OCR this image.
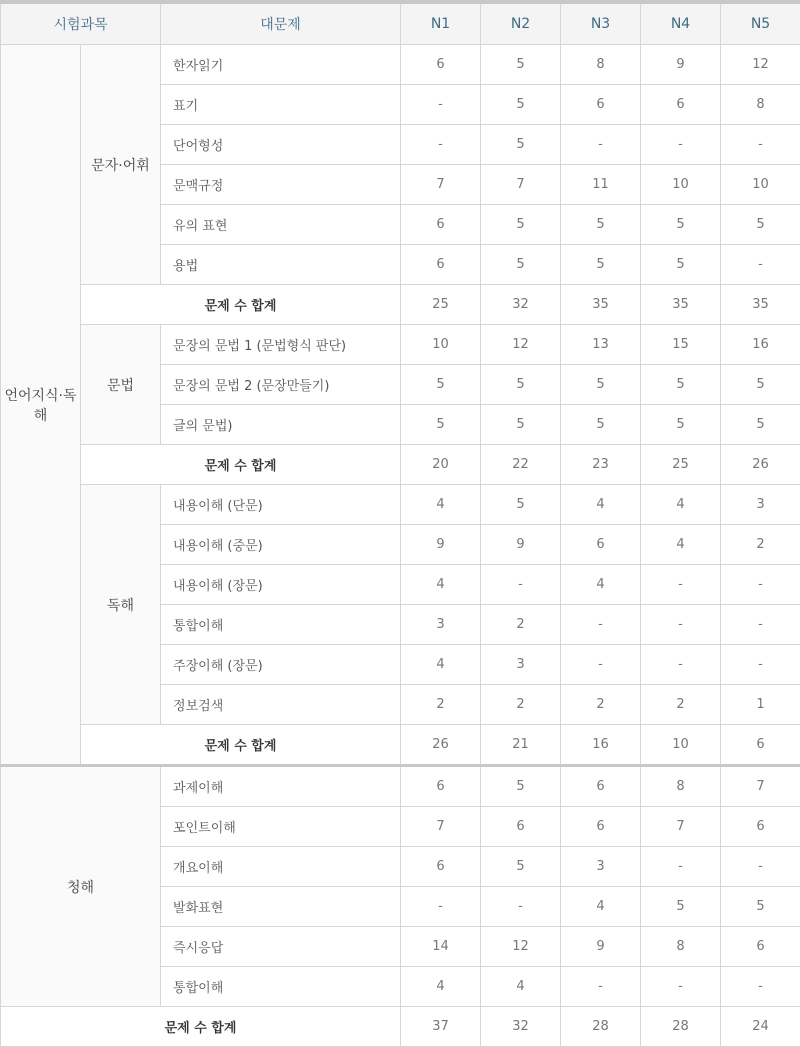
시험과목		대문제	N1	N2	N3	N4	N5
언어지식·독해	문자·어휘	한자읽기	6	5	8	9	12
		표기	-	5	6	6	8
		단어형성	-	5	-	-	-
		문맥규정	7	7	11	10	10
		유의 표현	6	5	5	5	5
		용법	6	5	5	5	-
	문제 수 합계		25	32	35	35	35
	문법	문장의 문법 1 (문법형식 판단)	10	12	13	15	16
		문장의 문법 2 (문장만들기)	5	5	5	5	5
		글의 문법)	5	5	5	5	5
	문제 수 합계		20	22	23	25	26
	독해	내용이해 (단문)	4	5	4	4	3
		내용이해 (중문)	9	9	6	4	2
		내용이해 (장문)	4	-	4	-	-
		통합이해	3	2	-	-	-
		주장이해 (장문)	4	3	-	-	-
		정보검색	2	2	2	2	1
	문제 수 합계		26	21	16	10	6
청해		과제이해	6	5	6	8	7
		포인트이해	7	6	6	7	6
		개요이해	6	5	3	-	-
		발화표현	-	-	4	5	5
		즉시응답	14	12	9	8	6
		통합이해	4	4	-	-	-
문제 수 합계			37	32	28	28	24
